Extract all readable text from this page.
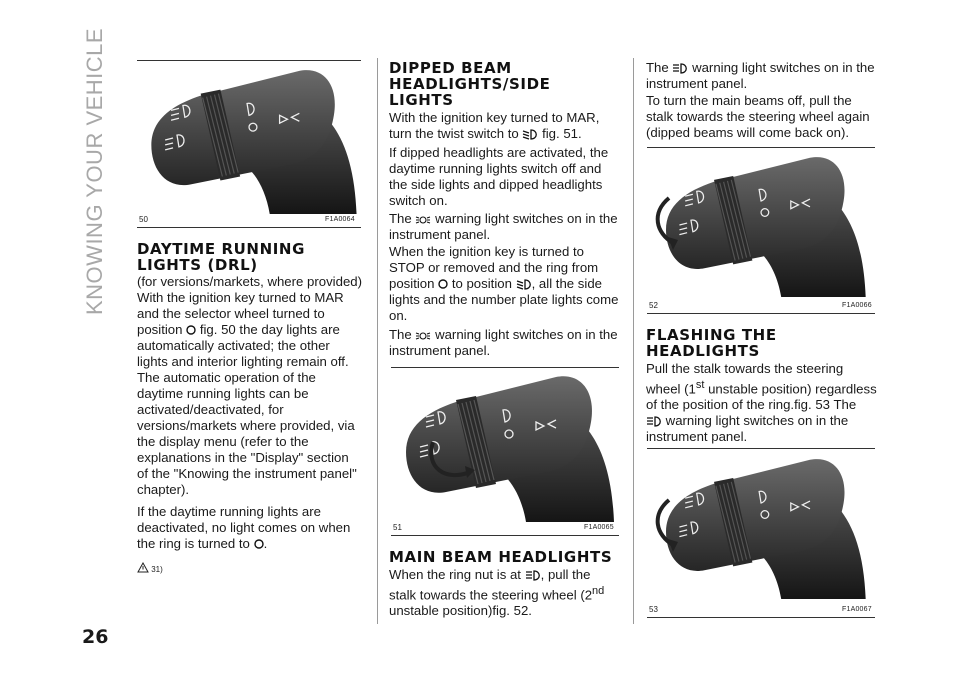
KNOWING YOUR VEHICLE
26
50	F1A0064
DAYTIME RUNNING
LIGHTS (DRL)

(for versions/markets, where provided)
With the ignition key turned to MAR and the selector wheel turned to position fig. 50 the day lights are automatically activated; the other lights and interior lighting remain off. The automatic operation of the daytime running lights can be activated/deactivated, for versions/markets where provided, via the display menu (refer to the explanations in the "Display" section of the "Knowing the instrument panel" chapter).

If the daytime running lights are deactivated, no light comes on when the ring is turned to .

31)
DIPPED BEAM
HEADLIGHTS/SIDE
LIGHTS

With the ignition key turned to MAR, turn the twist switch to fig. 51.

If dipped headlights are activated, the daytime running lights switch off and the side lights and dipped headlights switch on.

The warning light switches on in the instrument panel.

When the ignition key is turned to STOP or removed and the ring from position to position , all the side lights and the number plate lights come on.

The warning light switches on in the instrument panel.

51	F1A0065
MAIN BEAM HEADLIGHTS

When the ring nut is at , pull the stalk towards the steering wheel (2nd unstable position)fig. 52.

The warning light switches on in the instrument panel.

To turn the main beams off, pull the stalk towards the steering wheel again (dipped beams will come back on).

52	F1A0066
FLASHING THE
HEADLIGHTS

Pull the stalk towards the steering wheel (1st unstable position) regardless of the position of the ring.fig. 53 The
warning light switches on in the instrument panel.

53	F1A0067
